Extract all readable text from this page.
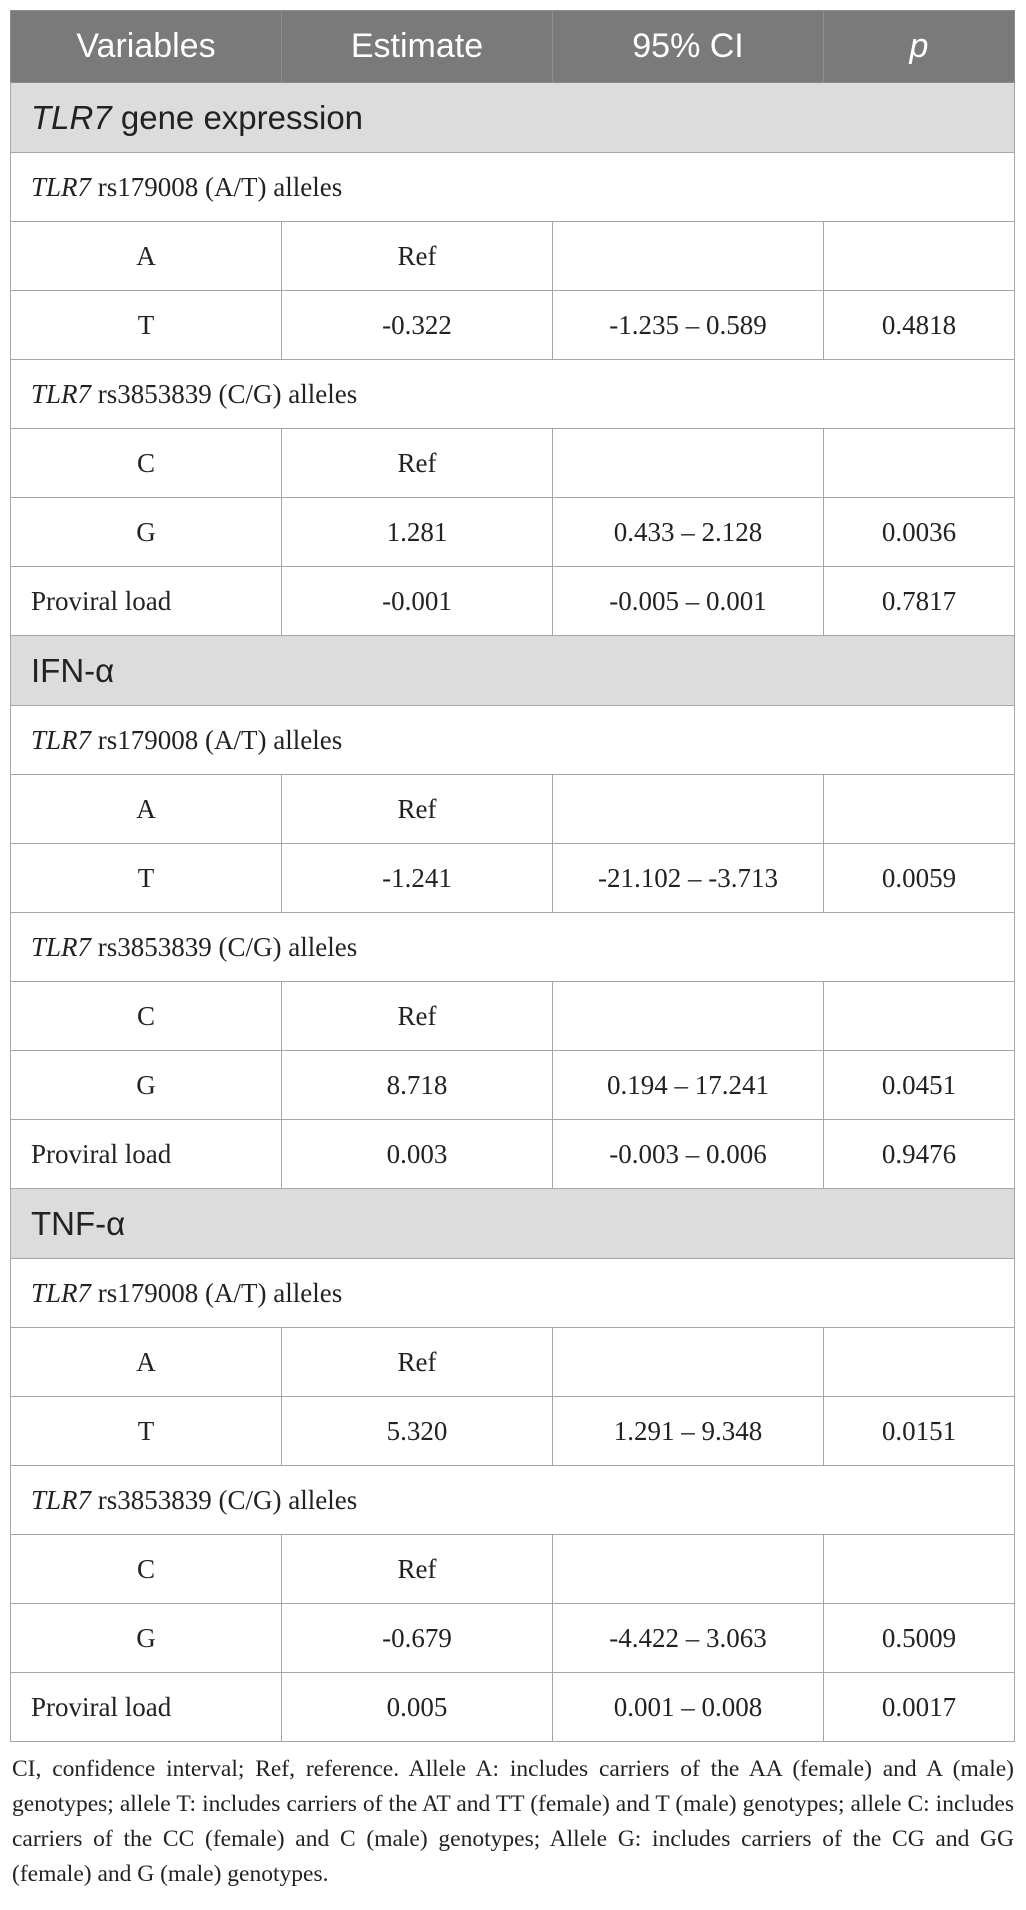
Variables	Estimate	95% CI	p
TLR7 gene expression			
TLR7 rs179008 (A/T) alleles			
A	Ref		
T	-0.322	-1.235 – 0.589	0.4818
TLR7 rs3853839 (C/G) alleles			
C	Ref		
G	1.281	0.433 – 2.128	0.0036
Proviral load	-0.001	-0.005 – 0.001	0.7817
IFN-α			
TLR7 rs179008 (A/T) alleles			
A	Ref		
T	-1.241	-21.102 – -3.713	0.0059
TLR7 rs3853839 (C/G) alleles			
C	Ref		
G	8.718	0.194 – 17.241	0.0451
Proviral load	0.003	-0.003 – 0.006	0.9476
TNF-α			
TLR7 rs179008 (A/T) alleles			
A	Ref		
T	5.320	1.291 – 9.348	0.0151
TLR7 rs3853839 (C/G) alleles			
C	Ref		
G	-0.679	-4.422 – 3.063	0.5009
Proviral load	0.005	0.001 – 0.008	0.0017
CI, confidence interval; Ref, reference. Allele A: includes carriers of the AA (female) and A (male) genotypes; allele T: includes carriers of the AT and TT (female) and T (male) genotypes; allele C: includes carriers of the CC (female) and C (male) genotypes; Allele G: includes carriers of the CG and GG (female) and G (male) genotypes.
